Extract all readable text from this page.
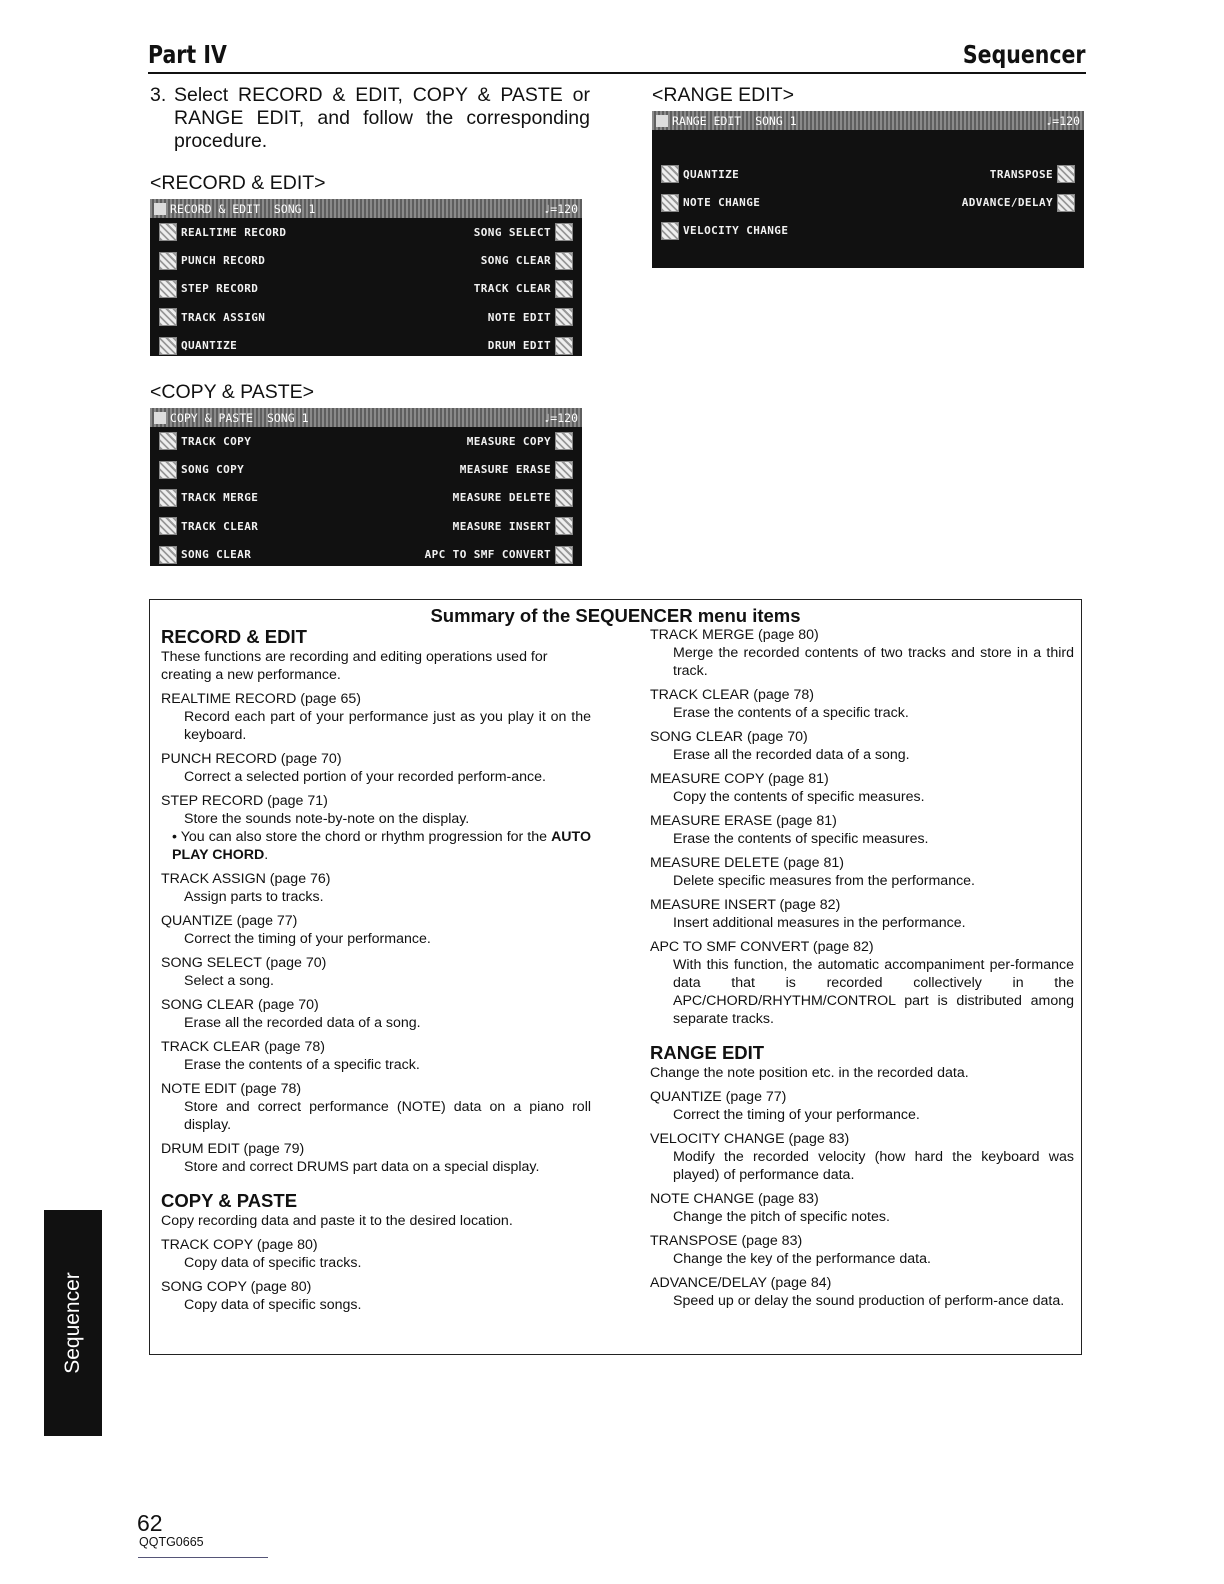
Part IV	Sequencer
3. Select RECORD & EDIT, COPY & PASTE or RANGE EDIT, and follow the corresponding procedure.
<RECORD & EDIT>
RECORD & EDIT
SONG 1	♩=120
REALTIME RECORD	SONG SELECT
PUNCH RECORD	SONG CLEAR
STEP RECORD	TRACK CLEAR
TRACK ASSIGN	NOTE EDIT
QUANTIZE	DRUM EDIT
<COPY & PASTE>
COPY & PASTE
SONG 1	♩=120
TRACK COPY	MEASURE COPY
SONG COPY	MEASURE ERASE
TRACK MERGE	MEASURE DELETE
TRACK CLEAR	MEASURE INSERT
SONG CLEAR	APC TO SMF CONVERT
<RANGE EDIT>
RANGE EDIT
SONG 1	♩=120
QUANTIZE	TRANSPOSE
NOTE CHANGE	ADVANCE/DELAY
VELOCITY CHANGE
Summary of the SEQUENCER menu items
RECORD & EDIT
These functions are recording and editing operations used for creating a new performance.
REALTIME RECORD (page 65)
Record each part of your performance just as you play it on the keyboard.
PUNCH RECORD (page 70)
Correct a selected portion of your recorded perform-ance.
STEP RECORD (page 71)
Store the sounds note-by-note on the display.
• You can also store the chord or rhythm progression for the AUTO PLAY CHORD.
TRACK ASSIGN (page 76)
Assign parts to tracks.
QUANTIZE (page 77)
Correct the timing of your performance.
SONG SELECT (page 70)
Select a song.
SONG CLEAR (page 70)
Erase all the recorded data of a song.
TRACK CLEAR (page 78)
Erase the contents of a specific track.
NOTE EDIT (page 78)
Store and correct performance (NOTE) data on a piano roll display.
DRUM EDIT (page 79)
Store and correct DRUMS part data on a special display.
COPY & PASTE
Copy recording data and paste it to the desired location.
TRACK COPY (page 80)
Copy data of specific tracks.
SONG COPY (page 80)
Copy data of specific songs.
TRACK MERGE (page 80)
Merge the recorded contents of two tracks and store in a third track.
TRACK CLEAR (page 78)
Erase the contents of a specific track.
SONG CLEAR (page 70)
Erase all the recorded data of a song.
MEASURE COPY (page 81)
Copy the contents of specific measures.
MEASURE ERASE (page 81)
Erase the contents of specific measures.
MEASURE DELETE (page 81)
Delete specific measures from the performance.
MEASURE INSERT (page 82)
Insert additional measures in the performance.
APC TO SMF CONVERT (page 82)
With this function, the automatic accompaniment per-formance data that is recorded collectively in the APC/CHORD/RHYTHM/CONTROL part is distributed among separate tracks.
RANGE EDIT
Change the note position etc. in the recorded data.
QUANTIZE (page 77)
Correct the timing of your performance.
VELOCITY CHANGE (page 83)
Modify the recorded velocity (how hard the keyboard was played) of performance data.
NOTE CHANGE (page 83)
Change the pitch of specific notes.
TRANSPOSE (page 83)
Change the key of the performance data.
ADVANCE/DELAY (page 84)
Speed up or delay the sound production of perform-ance data.
Sequencer
62
QQTG0665
